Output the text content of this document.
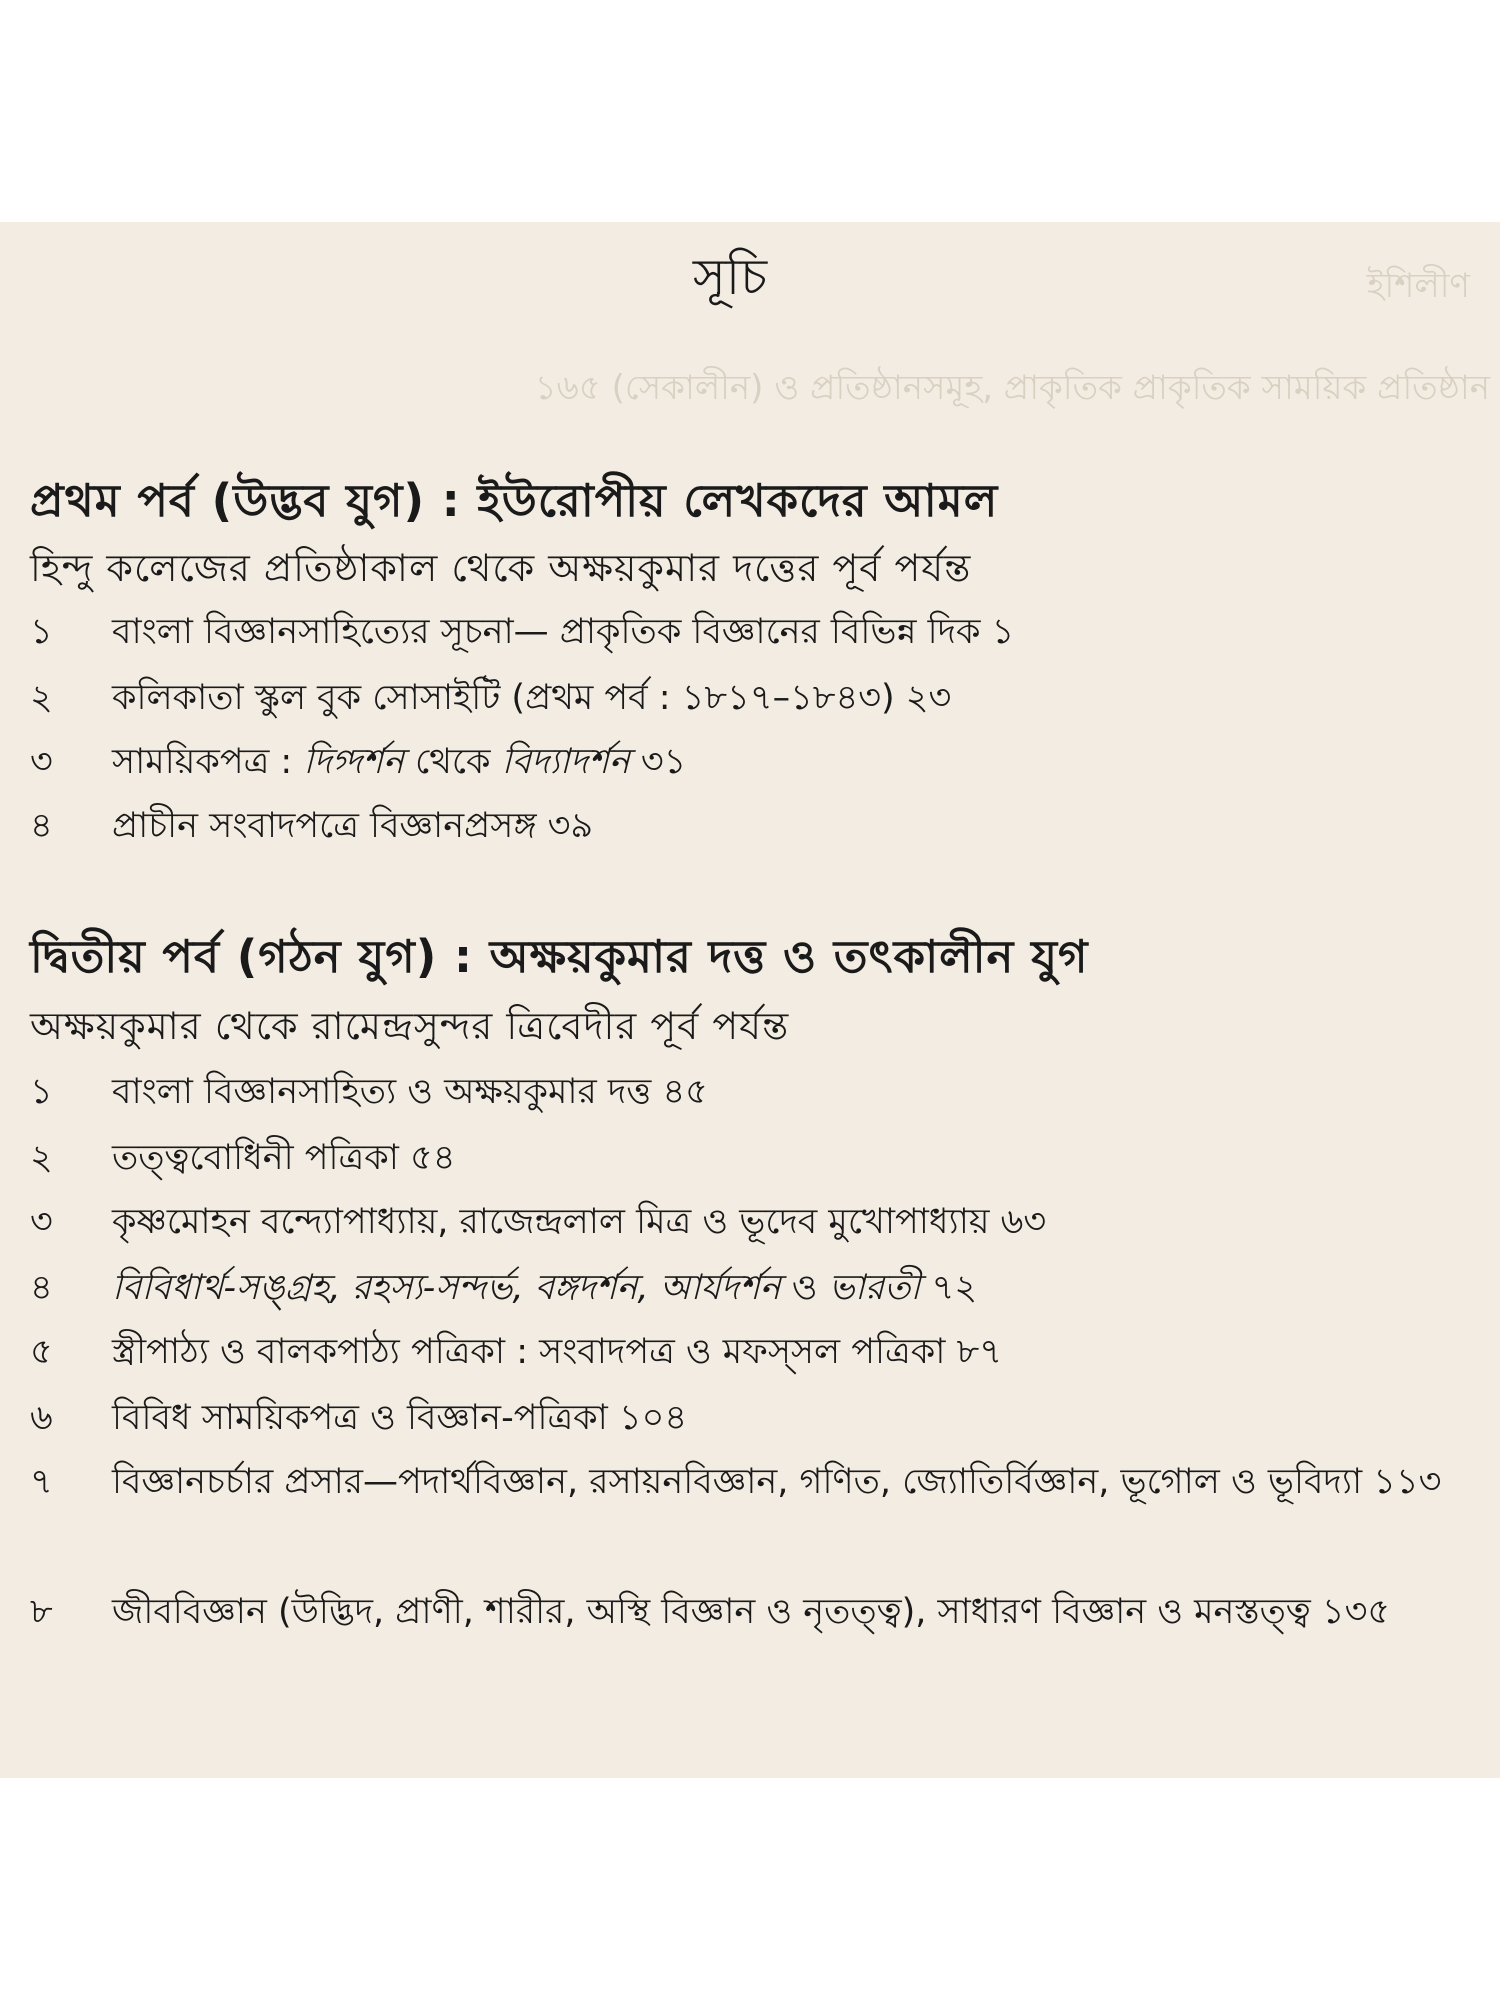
ইশিলীণ
১৬৫ (সেকালীন) ও প্রতিষ্ঠানসমূহ, প্রাকৃতিক প্রাকৃতিক সাময়িক প্রতিষ্ঠান
সূচি
প্রথম পর্ব (উদ্ভব যুগ) : ইউরোপীয় লেখকদের আমল
হিন্দু কলেজের প্রতিষ্ঠাকাল থেকে অক্ষয়কুমার দত্তের পূর্ব পর্যন্ত
১	বাংলা বিজ্ঞানসাহিত্যের সূচনা— প্রাকৃতিক বিজ্ঞানের বিভিন্ন দিক ১
২	কলিকাতা স্কুল বুক সোসাইটি (প্রথম পর্ব : ১৮১৭–১৮৪৩) ২৩
৩	সাময়িকপত্র : দিগ্দর্শন থেকে বিদ্যাদর্শন ৩১
৪	প্রাচীন সংবাদপত্রে বিজ্ঞানপ্রসঙ্গ ৩৯
দ্বিতীয় পর্ব (গঠন যুগ) : অক্ষয়কুমার দত্ত ও তৎকালীন যুগ
অক্ষয়কুমার থেকে রামেন্দ্রসুন্দর ত্রিবেদীর পূর্ব পর্যন্ত
১	বাংলা বিজ্ঞানসাহিত্য ও অক্ষয়কুমার দত্ত ৪৫
২	তত্ত্ববোধিনী পত্রিকা ৫৪
৩	কৃষ্ণমোহন বন্দ্যোপাধ্যায়, রাজেন্দ্রলাল মিত্র ও ভূদেব মুখোপাধ্যায় ৬৩
৪	বিবিধার্থ-সঙ্গ্রহ, রহস্য-সন্দর্ভ, বঙ্গদর্শন, আর্যদর্শন ও ভারতী ৭২
৫	স্ত্রীপাঠ্য ও বালকপাঠ্য পত্রিকা : সংবাদপত্র ও মফস্সল পত্রিকা ৮৭
৬	বিবিধ সাময়িকপত্র ও বিজ্ঞান-পত্রিকা ১০৪
৭	বিজ্ঞানচর্চার প্রসার—পদার্থবিজ্ঞান, রসায়নবিজ্ঞান, গণিত, জ্যোতির্বিজ্ঞান, ভূগোল ও ভূবিদ্যা ১১৩
৮	জীববিজ্ঞান (উদ্ভিদ, প্রাণী, শারীর, অস্থি বিজ্ঞান ও নৃতত্ত্ব), সাধারণ বিজ্ঞান ও মনস্তত্ত্ব ১৩৫
